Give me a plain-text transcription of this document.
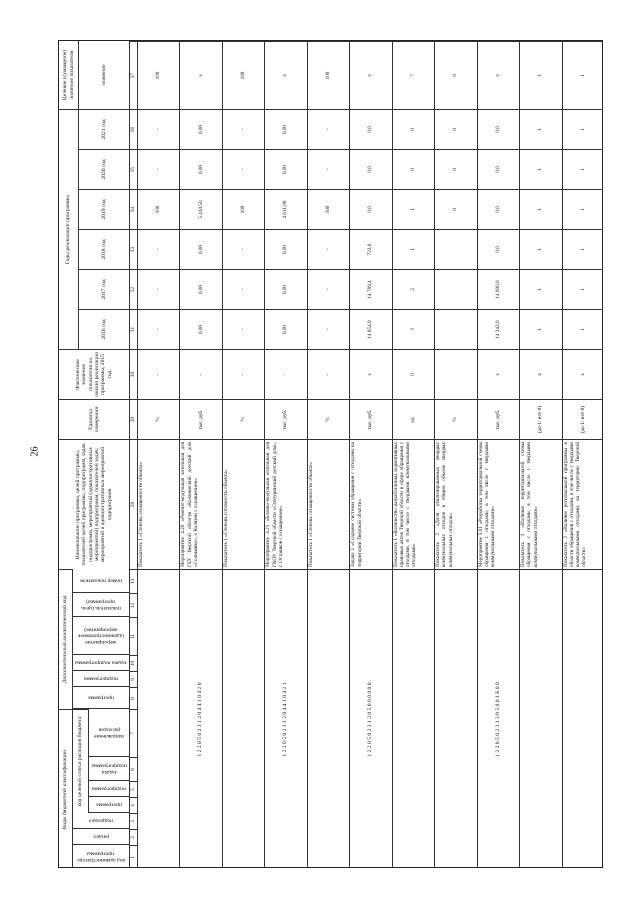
26
Коды бюджетной классификации
Дополнительный аналитический код
Наименование программы, целей программы, показателей целей программы, подпрограмм, задач подпрограмм, мероприятий (административных мероприятий) подпрограмм, показателей задач, мероприятий и административных мероприятий подпрограмм
Единица измерения
Фактическое значение показателя на начало реализации программы, 2015 год
Годы реализации программы
Целевое (суммарное) значение показателя
2016 год
2017 год
2018 год
2019 год
2020 год
2021 год
значение
код администратора программы
раздел
подраздел
код целевой статьи расходов бюджета	программа
подпрограмма
задача подпрограммы
направление расходов
программа
подпрограмма
задача подпрограммы
мероприятие (административное мероприятие)
показатель (цель программы)
номер показателя
1
2
3
4
5
6
7
8
9
10
11
12
13
28
29
30
31
32
33
34
35
36
37
Показатель 1 «Степень оснащенности объекта»
%
-
-
-
-
100
-
-
100
1 2 2 0 5 0 2 3 1 2 0 4 4 1 0 4 2 0
Мероприятие 4.20 «Ремонт-модульная котельная для ГБУ Тверской области «Калязинский детский дом «Солнышко», г. Калязин с оснащением»
тыс. руб.
-
0,00
0,00
0,00
5 410,50
0,00
0,00
x
Показатель 1 «Степень готовности объекта»
%
-
-
-
-
100
-
-
100
1 2 2 0 5 0 2 3 1 2 0 4 4 1 0 4 2 1
Мероприятие 4.21 «Блочно-модульная котельная для ГКОУ Тверской области «Степуринский детский дом», г. Осташков с оснащением»
тыс. руб.
-
0,00
0,00
0,00
4 611,90
0,00
0,00
x
Показатель 1 «Степень оснащенности объекта»
%
-
-
-
-
100
-
-
100
1 2 2 0 5 0 2 3 1 2 0 5 0 0 0 0 0 0
Задача 5 «Создание системы обращения с отходами на территории Тверской области»
тыс. руб.
x
14 854,9
14 789,4
723,6
0,0
0,0
0,0
x
Показатель 1 «Количество разработанных нормативных правовых актов Тверской области в сфере обращения с отходами, в том числе с твердыми коммунальными отходами»
ед.
0
3
2
1
1
0
0
7
Показатель 2 «Доля утилизированных твердых коммунальных отходов в общем объеме твердых коммунальных отходов»
%
0
0
0
0
1 2 2 0 5 0 2 3 1 2 0 5 0 0 1 Б 0 0
Мероприятие 5.01 «Разработка территориальной схемы обращения с отходами, в том числе с твердыми коммунальными отходами»
тыс. руб.
x
14 242,0
14 000,0
0,0
0,0
0,0
0,0
x
Показатель 1 «Наличие территориальной схемы обращения с отходами, в том числе с твердыми коммунальными отходами»
(да-1/ нет-0)
x
1
1
1
1
1
1
1
Показатель 2 «Наличие региональной программы в области обращения с отходами, в том числе с твердыми коммунальными отходами, на территории Тверской области»
(да-1/ нет-0)
x
1
1
1
1
1
1
1
